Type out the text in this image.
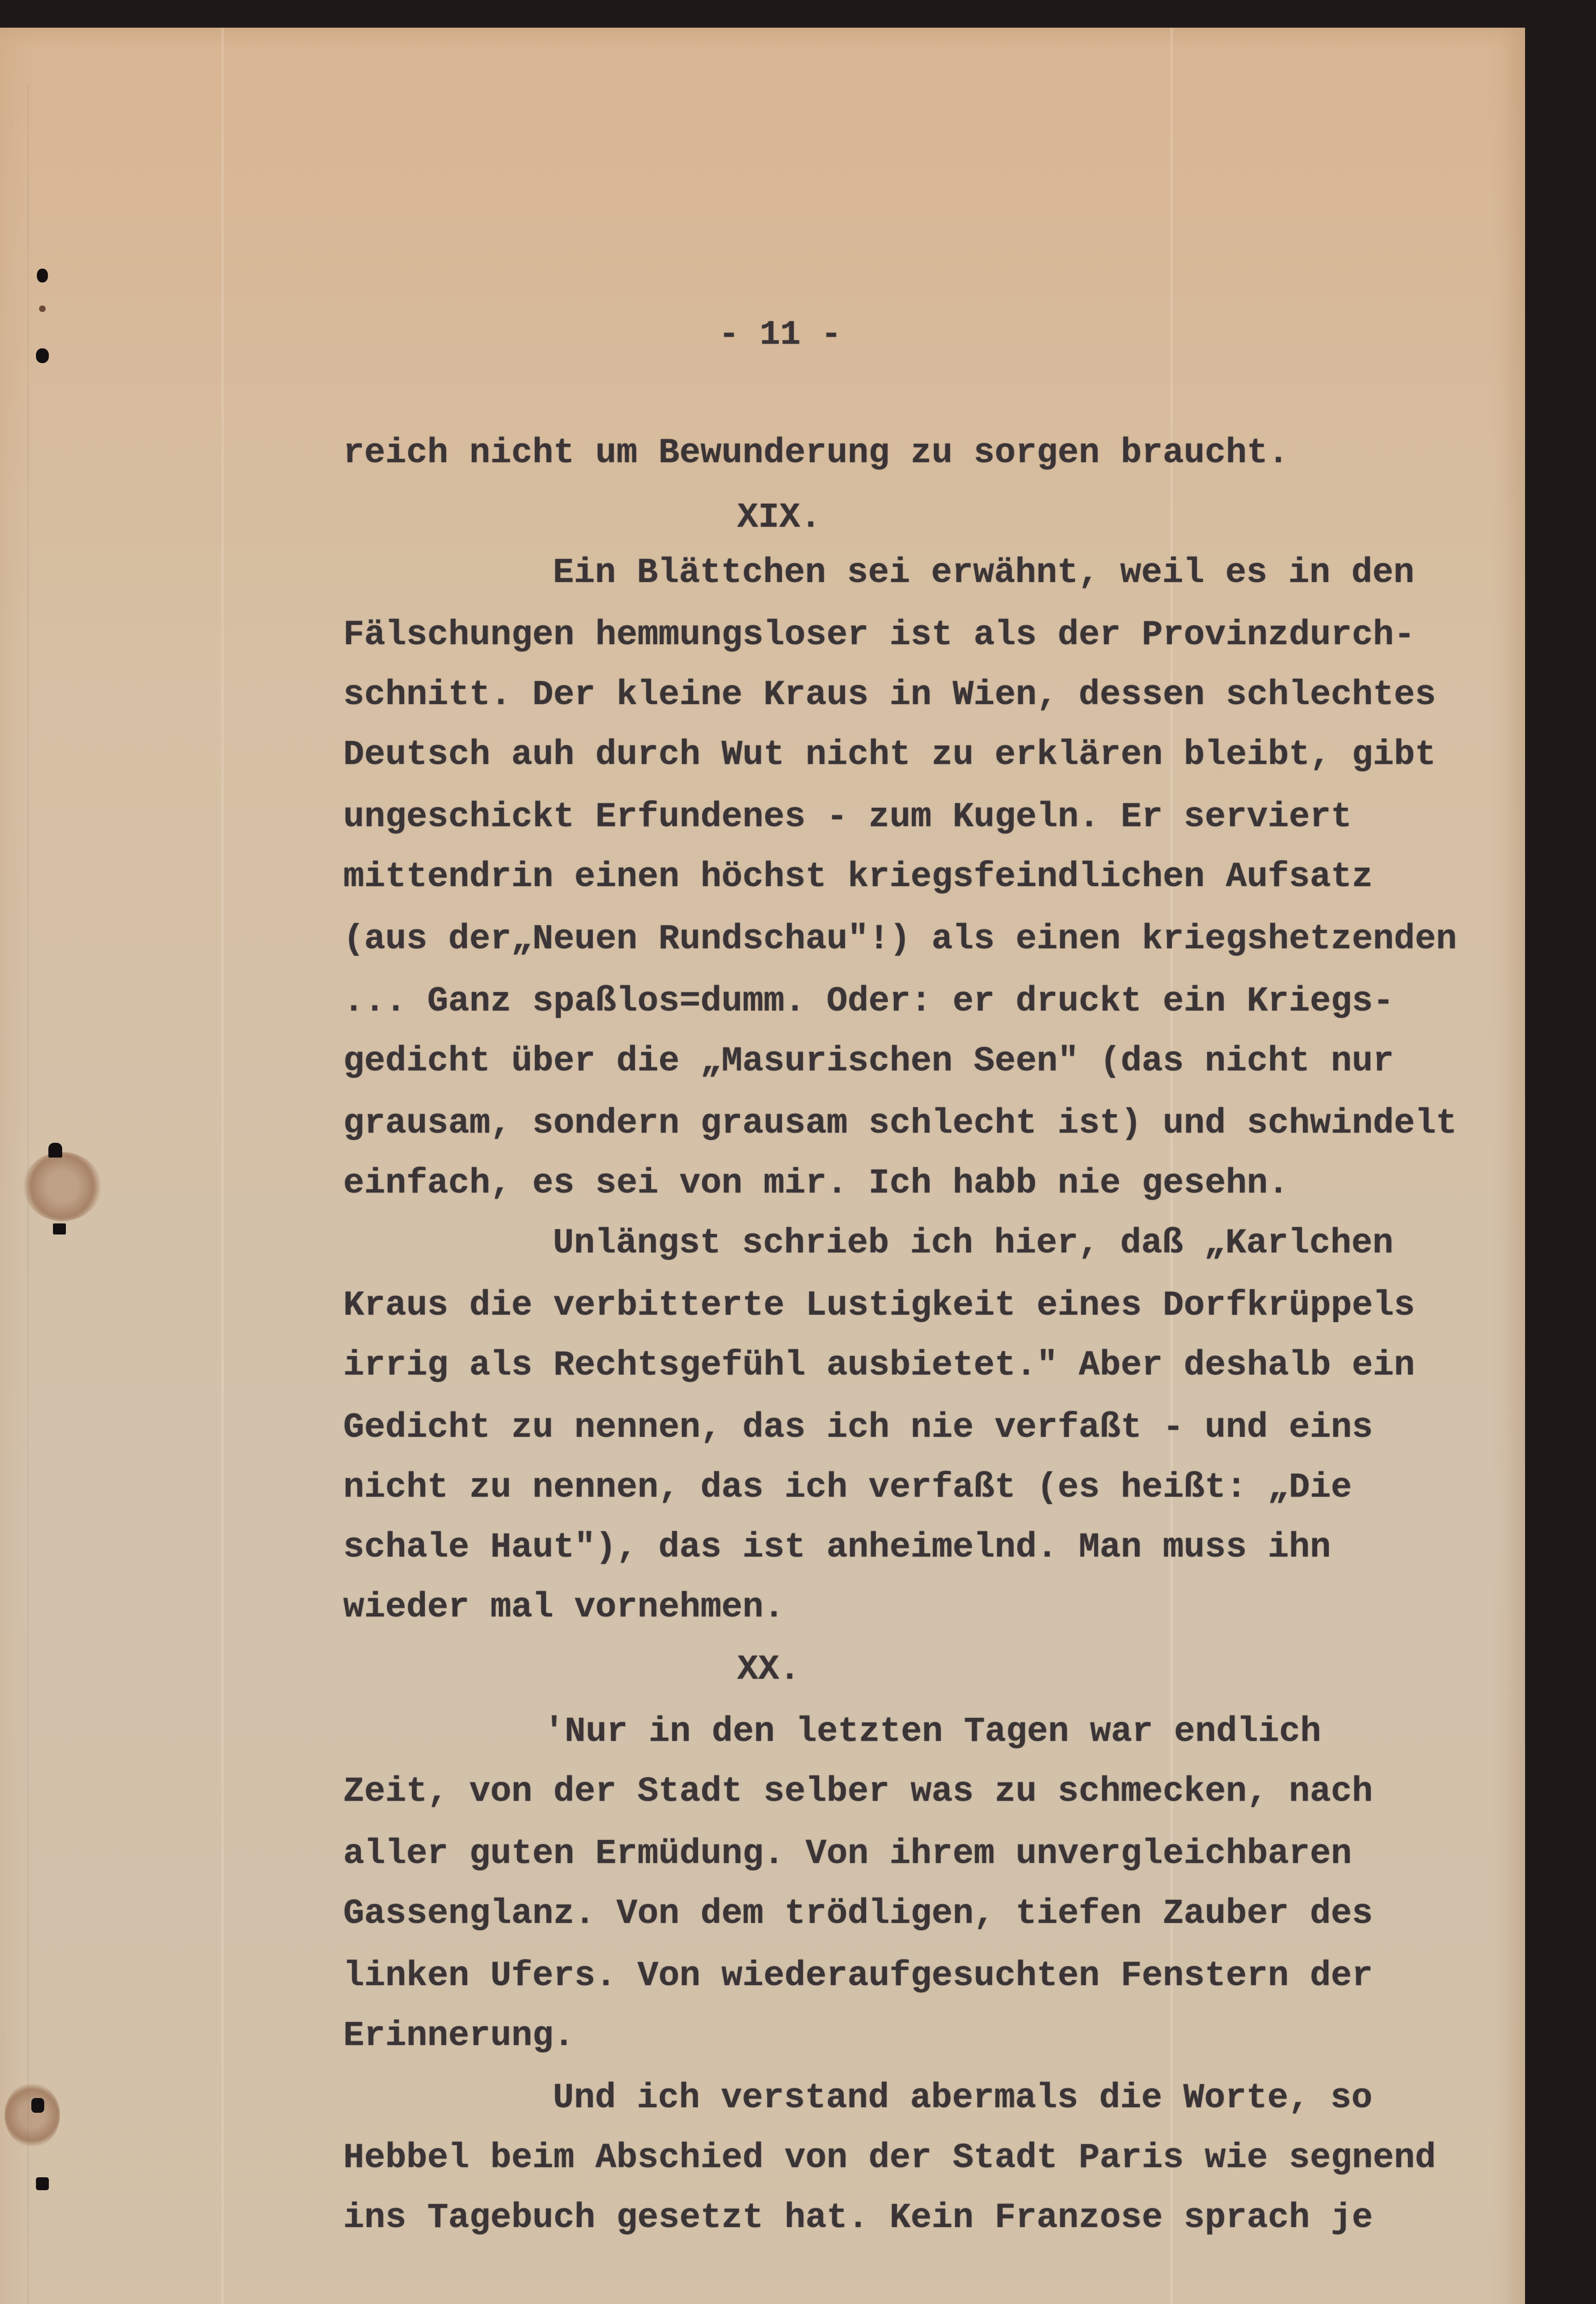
- 11 -
reich nicht um Bewunderung zu sorgen braucht.
XIX.
Ein Blättchen sei erwähnt, weil es in den
Fälschungen hemmungsloser ist als der Provinzdurch-
schnitt. Der kleine Kraus in Wien, dessen schlechtes
Deutsch auh durch Wut nicht zu erklären bleibt, gibt
ungeschickt Erfundenes - zum Kugeln. Er serviert
mittendrin einen höchst kriegsfeindlichen Aufsatz
(aus der„Neuen Rundschau"!) als einen kriegshetzenden
... Ganz spaßlos=dumm. Oder: er druckt ein Kriegs-
gedicht über die „Masurischen Seen" (das nicht nur
grausam, sondern grausam schlecht ist) und schwindelt
einfach, es sei von mir. Ich habb nie gesehn.
Unlängst schrieb ich hier, daß „Karlchen
Kraus die verbitterte Lustigkeit eines Dorfkrüppels
irrig als Rechtsgefühl ausbietet." Aber deshalb ein
Gedicht zu nennen, das ich nie verfaßt - und eins
nicht zu nennen, das ich verfaßt (es heißt: „Die
schale Haut"), das ist anheimelnd. Man muss ihn
wieder mal vornehmen.
XX.
'Nur in den letzten Tagen war endlich
Zeit, von der Stadt selber was zu schmecken, nach
aller guten Ermüdung. Von ihrem unvergleichbaren
Gassenglanz. Von dem trödligen, tiefen Zauber des
linken Ufers. Von wiederaufgesuchten Fenstern der
Erinnerung.
Und ich verstand abermals die Worte, so
Hebbel beim Abschied von der Stadt Paris wie segnend
ins Tagebuch gesetzt hat. Kein Franzose sprach je
